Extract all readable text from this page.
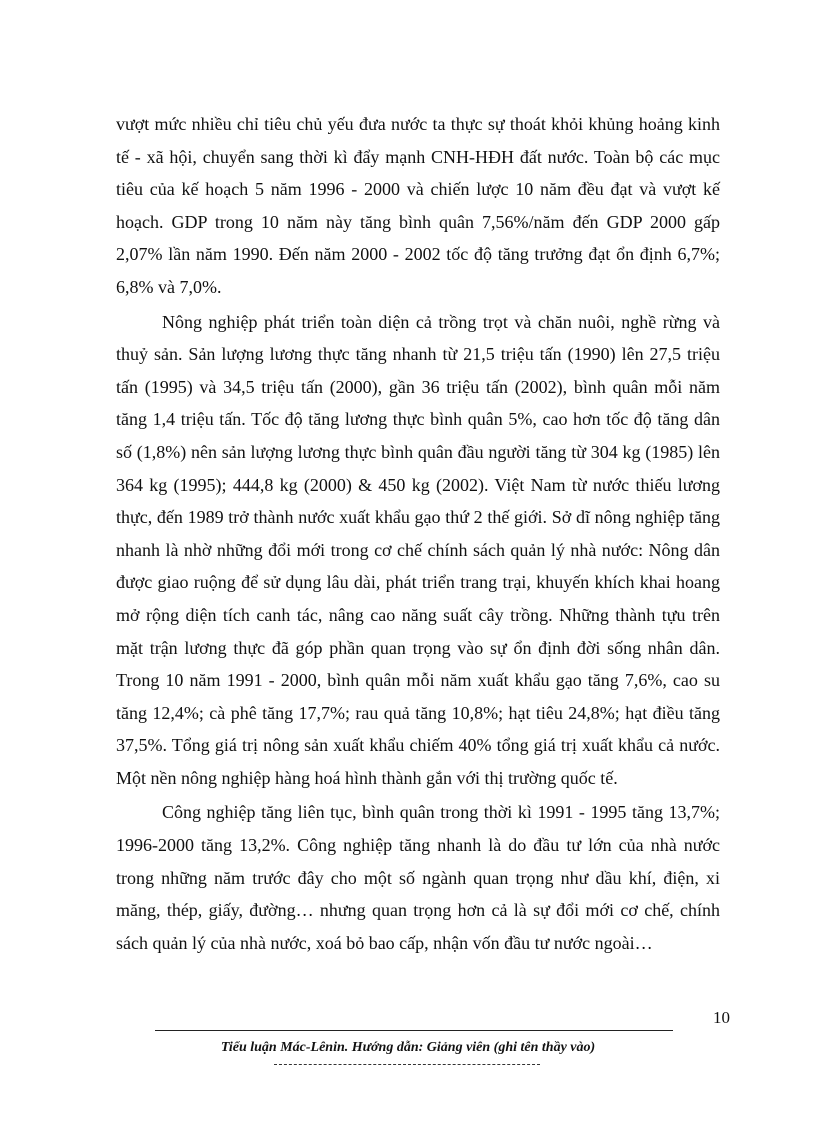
vượt mức nhiều chỉ tiêu chủ yếu đưa nước ta thực sự thoát khỏi khủng hoảng kinh tế - xã hội, chuyển sang thời kì đẩy mạnh CNH-HĐH đất nước. Toàn bộ các mục tiêu của kế hoạch 5 năm 1996 - 2000 và chiến lược 10 năm đều đạt và vượt kế hoạch. GDP trong 10 năm này tăng bình quân 7,56%/năm đến GDP 2000 gấp 2,07% lần năm 1990. Đến năm 2000 - 2002 tốc độ tăng trưởng đạt ổn định 6,7%; 6,8% và 7,0%.

Nông nghiệp phát triển toàn diện cả trồng trọt và chăn nuôi, nghề rừng và thuỷ sản. Sản lượng lương thực tăng nhanh từ 21,5 triệu tấn (1990) lên 27,5 triệu tấn (1995) và 34,5 triệu tấn (2000), gần 36 triệu tấn (2002), bình quân mỗi năm tăng 1,4 triệu tấn. Tốc độ tăng lương thực bình quân 5%, cao hơn tốc độ tăng dân số (1,8%) nên sản lượng lương thực bình quân đầu người tăng từ 304 kg (1985) lên 364 kg (1995); 444,8 kg (2000) & 450 kg (2002). Việt Nam từ nước thiếu lương thực, đến 1989 trở thành nước xuất khẩu gạo thứ 2 thế giới. Sở dĩ nông nghiệp tăng nhanh là nhờ những đổi mới trong cơ chế chính sách quản lý nhà nước: Nông dân được giao ruộng để sử dụng lâu dài, phát triển trang trại, khuyến khích khai hoang mở rộng diện tích canh tác, nâng cao năng suất cây trồng. Những thành tựu trên mặt trận lương thực đã góp phần quan trọng vào sự ổn định đời sống nhân dân. Trong 10 năm 1991 - 2000, bình quân mỗi năm xuất khẩu gạo tăng 7,6%, cao su tăng 12,4%; cà phê tăng 17,7%; rau quả tăng 10,8%; hạt tiêu 24,8%; hạt điều tăng 37,5%. Tổng giá trị nông sản xuất khẩu chiếm 40% tổng giá trị xuất khẩu cả nước. Một nền nông nghiệp hàng hoá hình thành gắn với thị trường quốc tế.

Công nghiệp tăng liên tục, bình quân trong thời kì 1991 - 1995 tăng 13,7%; 1996-2000 tăng 13,2%. Công nghiệp tăng nhanh là do đầu tư lớn của nhà nước trong những năm trước đây cho một số ngành quan trọng như dầu khí, điện, xi măng, thép, giấy, đường… nhưng quan trọng hơn cả là sự đổi mới cơ chế, chính sách quản lý của nhà nước, xoá bỏ bao cấp, nhận vốn đầu tư nước ngoài…

10
Tiểu luận Mác-Lênin. Hướng dẫn: Giảng viên (ghi tên thầy vào)
